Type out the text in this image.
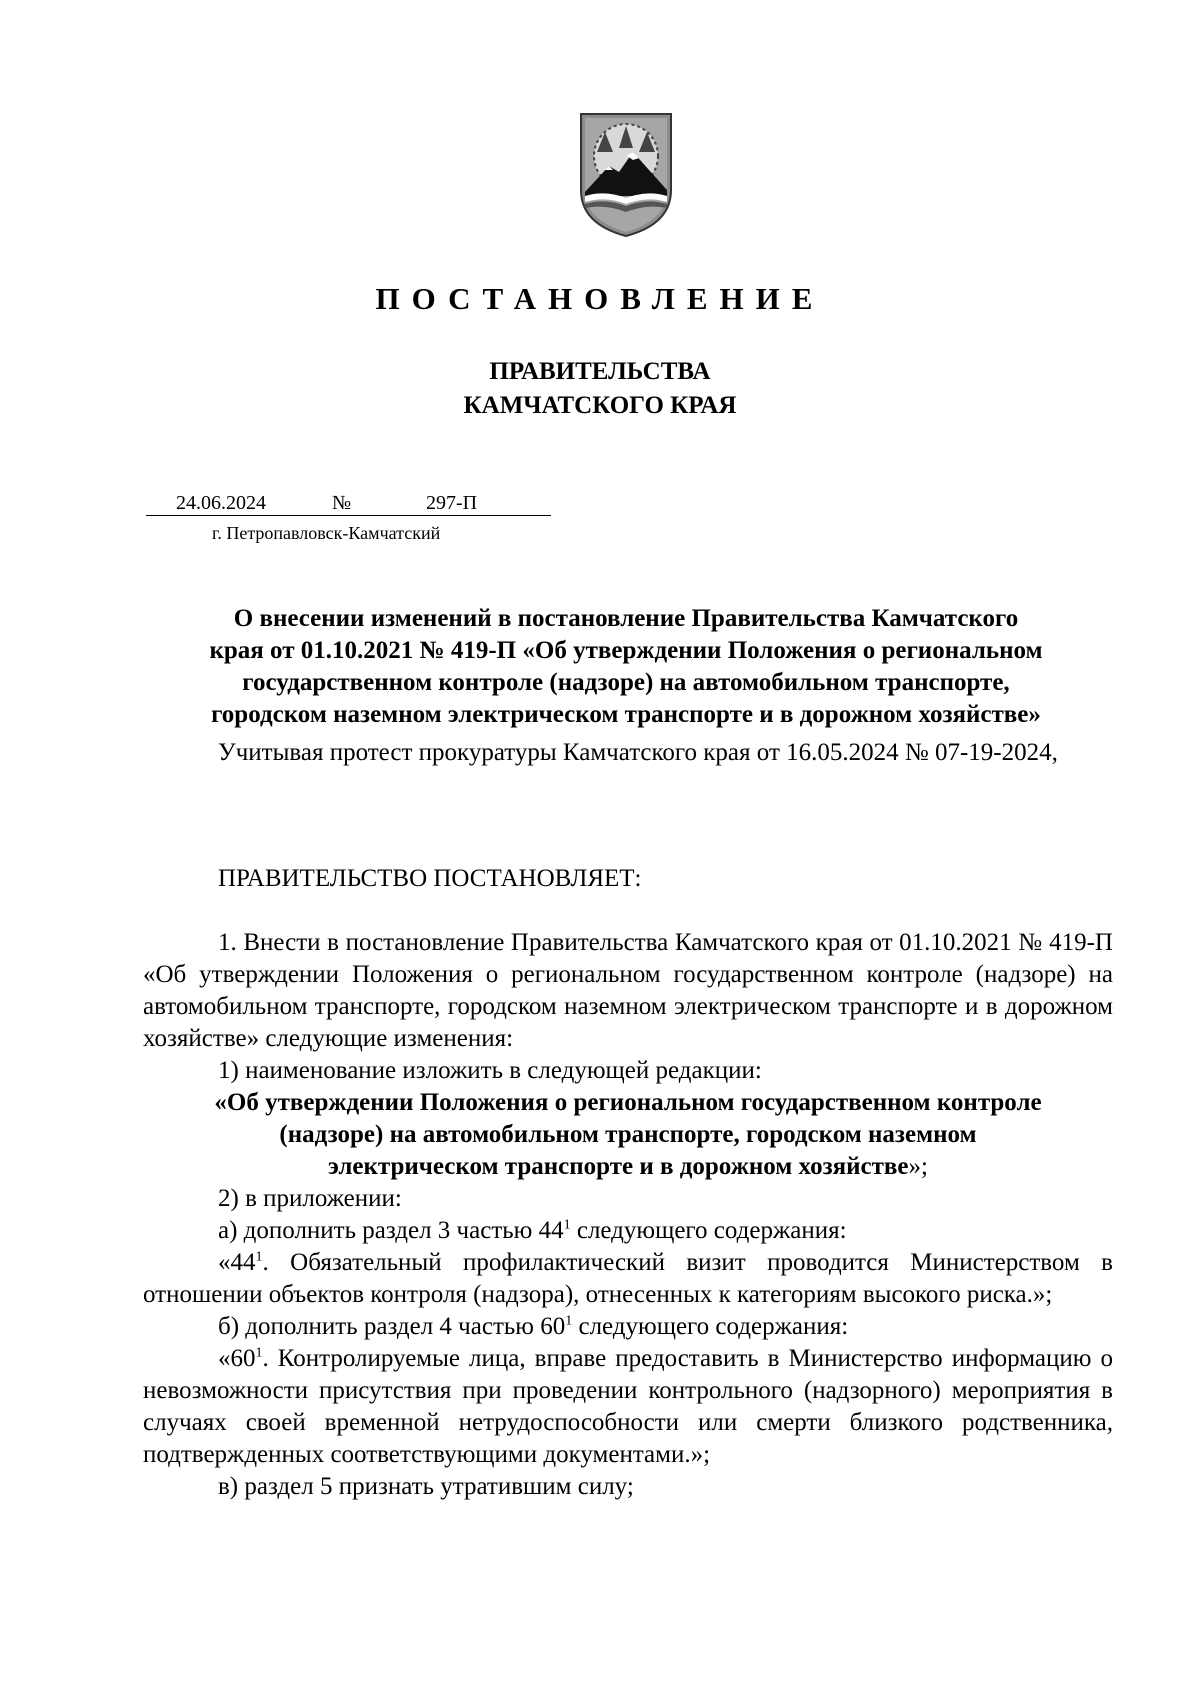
ПОСТАНОВЛЕНИЕ
ПРАВИТЕЛЬСТВА
КАМЧАТСКОГО КРАЯ
24.06.2024	№	297-П
г. Петропавловск-Камчатский
О внесении изменений в постановление Правительства Камчатского
края от 01.10.2021 № 419-П «Об утверждении Положения о региональном
государственном контроле (надзоре) на автомобильном транспорте,
городском наземном электрическом транспорте и в дорожном хозяйстве»
Учитывая протест прокуратуры Камчатского края от 16.05.2024 № 07-19-2024,
ПРАВИТЕЛЬСТВО ПОСТАНОВЛЯЕТ:
1. Внести в постановление Правительства Камчатского края от 01.10.2021 № 419-П «Об утверждении Положения о региональном государственном контроле (надзоре) на автомобильном транспорте, городском наземном электрическом транспорте и в дорожном хозяйстве» следующие изменения:
1) наименование изложить в следующей редакции:
«Об утверждении Положения о региональном государственном контроле
(надзоре) на автомобильном транспорте, городском наземном
электрическом транспорте и в дорожном хозяйстве»;
2) в приложении:
а) дополнить раздел 3 частью $44^1$ следующего содержания:
«$44^1$. Обязательный профилактический визит проводится Министерством в отношении объектов контроля (надзора), отнесенных к категориям высокого риска.»;
б) дополнить раздел 4 частью $60^1$ следующего содержания:
«$60^1$. Контролируемые лица, вправе предоставить в Министерство информацию о невозможности присутствия при проведении контрольного (надзорного) мероприятия в случаях своей временной нетрудоспособности или смерти близкого родственника, подтвержденных соответствующими документами.»;
в) раздел 5 признать утратившим силу;
